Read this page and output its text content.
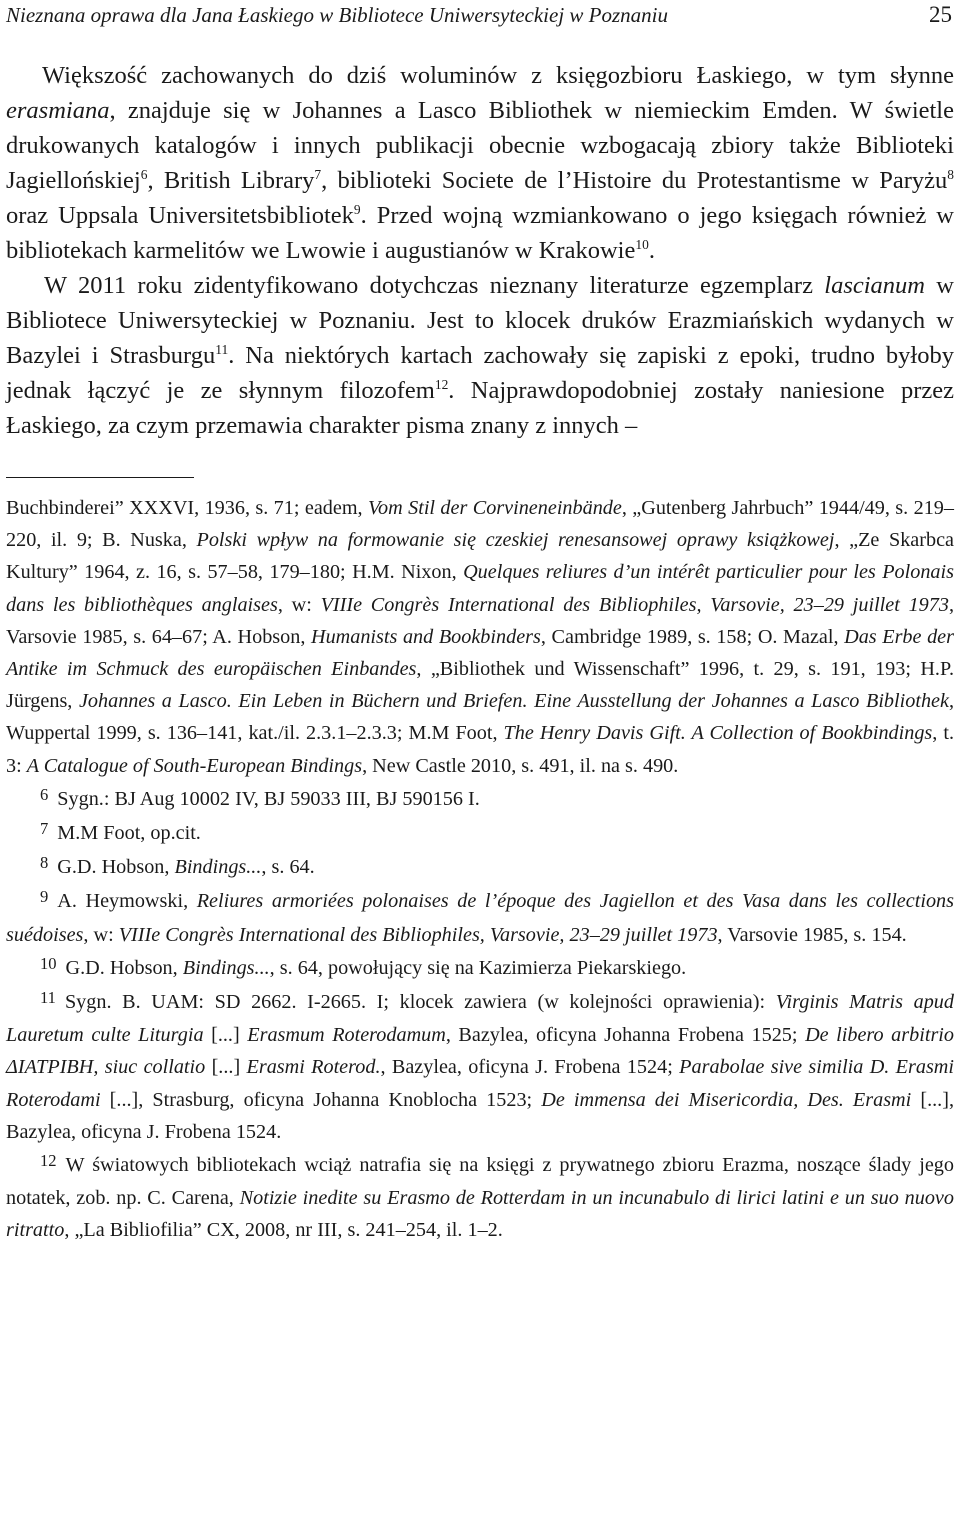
Nieznana oprawa dla Jana Łaskiego w Bibliotece Uniwersyteckiej w Poznaniu	25

Większość zachowanych do dziś woluminów z księgozbioru Łaskiego, w tym słynne erasmiana, znajduje się w Johannes a Lasco Bibliothek w niemieckim Emden. W świetle drukowanych katalogów i innych publikacji obecnie wzbogacają zbiory także Biblioteki Jagiellońskiej$^6$, British Library$^7$, biblioteki Societe de l’Histoire du Protestantisme w Paryżu$^8$ oraz Uppsala Universitetsbibliotek$^9$. Przed wojną wzmiankowano o jego księgach również w bibliotekach karmelitów we Lwowie i augustianów w Krakowie$^{10}$.

W 2011 roku zidentyfikowano dotychczas nieznany literaturze egzemplarz lascianum w Bibliotece Uniwersyteckiej w Poznaniu. Jest to klocek druków Erazmiańskich wydanych w Bazylei i Strasburgu$^{11}$. Na niektórych kartach zachowały się zapiski z epoki, trudno byłoby jednak łączyć je ze słynnym filozofem$^{12}$. Najprawdopodobniej zostały naniesione przez Łaskiego, za czym przemawia charakter pisma znany z innych –

Buchbinderei” XXXVI, 1936, s. 71; eadem, Vom Stil der Corvineneinbände, „Gutenberg Jahrbuch” 1944/49, s. 219–220, il. 9; B. Nuska, Polski wpływ na formowanie się czeskiej renesansowej oprawy książkowej, „Ze Skarbca Kultury” 1964, z. 16, s. 57–58, 179–180; H.M. Nixon, Quelques reliures d’un intérêt particulier pour les Polonais dans les bibliothèques anglaises, w: VIIIe Congrès International des Bibliophiles, Varsovie, 23–29 juillet 1973, Varsovie 1985, s. 64–67; A. Hobson, Humanists and Bookbinders, Cambridge 1989, s. 158; O. Mazal, Das Erbe der Antike im Schmuck des europäischen Einbandes, „Bibliothek und Wissenschaft” 1996, t. 29, s. 191, 193; H.P. Jürgens, Johannes a Lasco. Ein Leben in Büchern und Briefen. Eine Ausstellung der Johannes a Lasco Bibliothek, Wuppertal 1999, s. 136–141, kat./il. 2.3.1–2.3.3; M.M Foot, The Henry Davis Gift. A Collection of Bookbindings, t. 3: A Catalogue of South-European Bindings, New Castle 2010, s. 491, il. na s. 490.

$^6$ Sygn.: BJ Aug 10002 IV, BJ 59033 III, BJ 590156 I.

$^7$ M.M Foot, op.cit.

$^8$ G.D. Hobson, Bindings..., s. 64.

$^9$ A. Heymowski, Reliures armoriées polonaises de l’époque des Jagiellon et des Vasa dans les collections suédoises, w: VIIIe Congrès International des Bibliophiles, Varsovie, 23–29 juillet 1973, Varsovie 1985, s. 154.

$^{10}$ G.D. Hobson, Bindings..., s. 64, powołujący się na Kazimierza Piekarskiego.

$^{11}$ Sygn. B. UAM: SD 2662. I-2665. I; klocek zawiera (w kolejności oprawienia): Virginis Matris apud Lauretum culte Liturgia [...] Erasmum Roterodamum, Bazylea, oficyna Johanna Frobena 1525; De libero arbitrio ΔIATPIBH, siuc collatio [...] Erasmi Roterod., Bazylea, oficyna J. Frobena 1524; Parabolae sive similia D. Erasmi Roterodami [...], Strasburg, oficyna Johanna Knoblocha 1523; De immensa dei Misericordia, Des. Erasmi [...], Bazylea, oficyna J. Frobena 1524.

$^{12}$ W światowych bibliotekach wciąż natrafia się na księgi z prywatnego zbioru Erazma, noszące ślady jego notatek, zob. np. C. Carena, Notizie inedite su Erasmo de Rotterdam in un incunabulo di lirici latini e un suo nuovo ritratto, „La Bibliofilia” CX, 2008, nr III, s. 241–254, il. 1–2.
